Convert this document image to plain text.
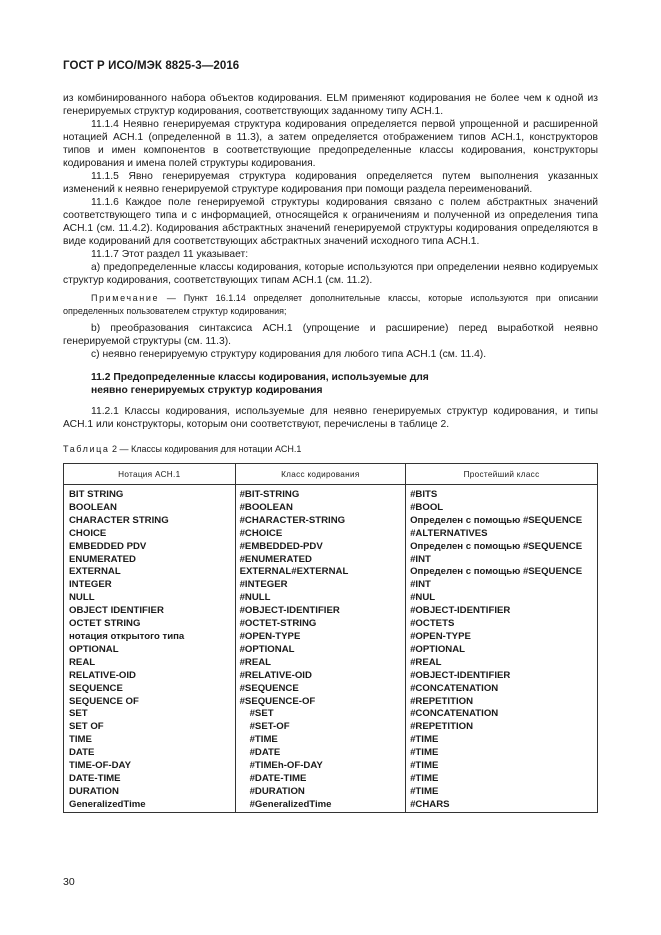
ГОСТ Р ИСО/МЭК 8825-3—2016

из комбинированного набора объектов кодирования. ELM применяют кодирования не более чем к одной из генерируемых структур кодирования, соответствующих заданному типу АСН.1.

11.1.4 Неявно генерируемая структура кодирования определяется первой упрощенной и расширенной нотацией АСН.1 (определенной в 11.3), а затем определяется отображением типов АСН.1, конструкторов типов и имен компонентов в соответствующие предопределенные классы кодирования, конструкторы кодирования и имена полей структуры кодирования.

11.1.5 Явно генерируемая структура кодирования определяется путем выполнения указанных изменений к неявно генерируемой структуре кодирования при помощи раздела переименований.

11.1.6 Каждое поле генерируемой структуры кодирования связано с полем абстрактных значений соответствующего типа и с информацией, относящейся к ограничениям и полученной из определения типа АСН.1 (см. 11.4.2). Кодирования абстрактных значений генерируемой структуры кодирования определяются в виде кодирований для соответствующих абстрактных значений исходного типа АСН.1.

11.1.7 Этот раздел 11 указывает:

а) предопределенные классы кодирования, которые используются при определении неявно кодируемых структур кодирования, соответствующих типам АСН.1 (см. 11.2).

Примечание — Пункт 16.1.14 определяет дополнительные классы, которые используются при описании определенных пользователем структур кодирования;

b) преобразования синтаксиса АСН.1 (упрощение и расширение) перед выработкой неявно генерируемой структуры (см. 11.3).

с) неявно генерируемую структуру кодирования для любого типа АСН.1 (см. 11.4).

11.2 Предопределенные классы кодирования, используемые для неявно генерируемых структур кодирования

11.2.1 Классы кодирования, используемые для неявно генерируемых структур кодирования, и типы АСН.1 или конструкторы, которым они соответствуют, перечислены в таблице 2.

Таблица 2 — Классы кодирования для нотации АСН.1

Нотация АСН.1	Класс кодирования	Простейший класс

BIT STRING	#BIT-STRING	#BITS

BOOLEAN	#BOOLEAN	#BOOL

CHARACTER STRING	#CHARACTER-STRING	Определен с помощью #SEQUENCE

CHOICE	#CHOICE	#ALTERNATIVES

EMBEDDED PDV	#EMBEDDED-PDV	Определен с помощью #SEQUENCE

ENUMERATED	#ENUMERATED	#INT

EXTERNAL	EXTERNAL#EXTERNAL	Определен с помощью #SEQUENCE

INTEGER	#INTEGER	#INT

NULL	#NULL	#NUL

OBJECT IDENTIFIER	#OBJECT-IDENTIFIER	#OBJECT-IDENTIFIER

OCTET STRING	#OCTET-STRING	#OCTETS

нотация открытого типа	#OPEN-TYPE	#OPEN-TYPE

OPTIONAL	#OPTIONAL	#OPTIONAL

REAL	#REAL	#REAL

RELATIVE-OID	#RELATIVE-OID	#OBJECT-IDENTIFIER

SEQUENCE	#SEQUENCE	#CONCATENATION

SEQUENCE OF	#SEQUENCE-OF	#REPETITION

SET	#SET	#CONCATENATION

SET OF	#SET-OF	#REPETITION

TIME	#TIME	#TIME

DATE	#DATE	#TIME

TIME-OF-DAY	#TIMEh-OF-DAY	#TIME

DATE-TIME	#DATE-TIME	#TIME

DURATION	#DURATION	#TIME

GeneralizedTime	#GeneralizedTime	#CHARS
30
